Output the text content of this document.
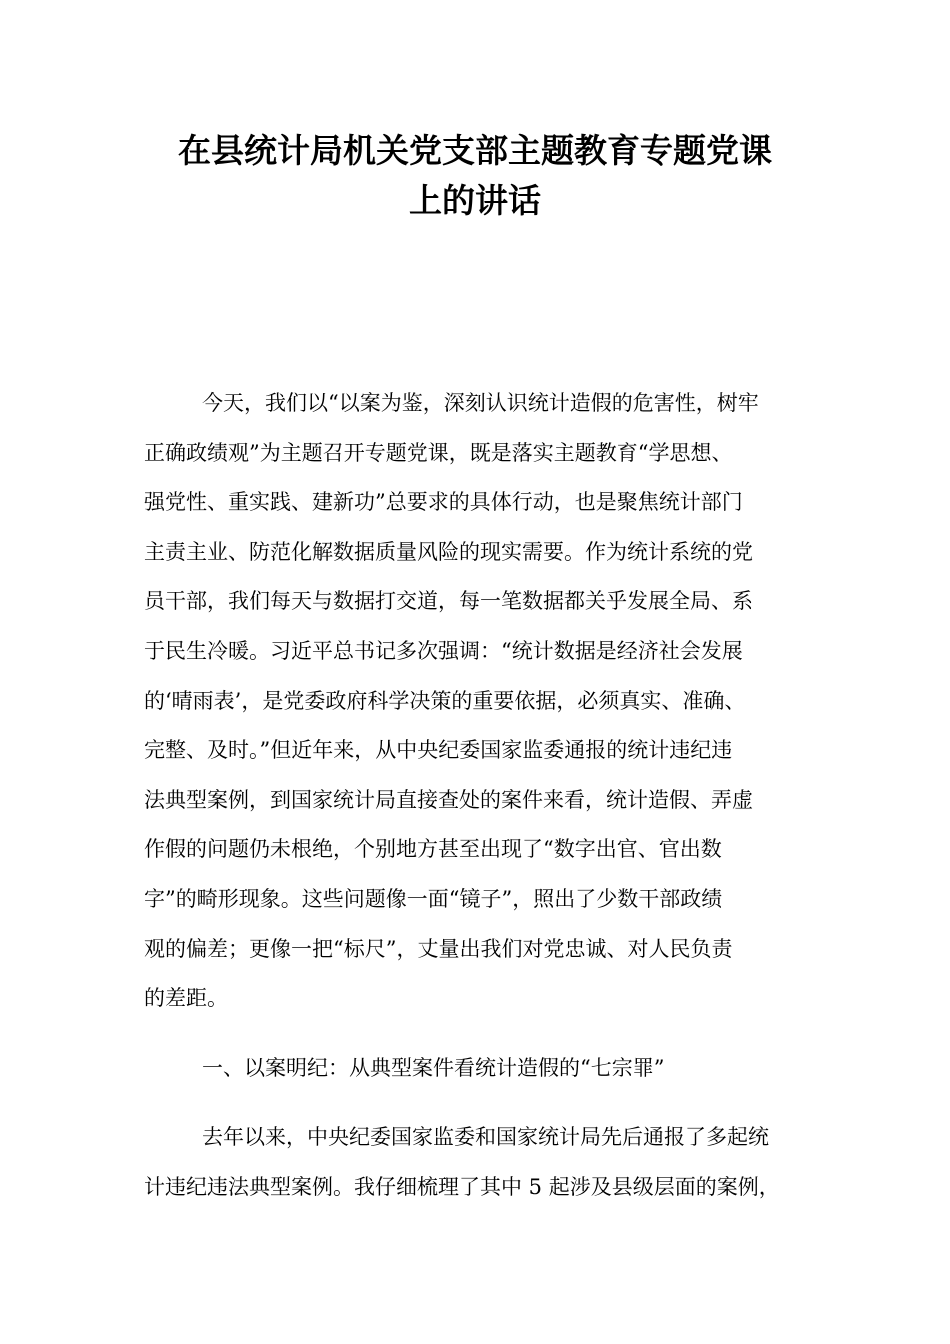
在县统计局机关党支部主题教育专题党课
上的讲话
今天，我们以“以案为鉴，深刻认识统计造假的危害性，树牢
正确政绩观”为主题召开专题党课，既是落实主题教育“学思想、
强党性、重实践、建新功”总要求的具体行动，也是聚焦统计部门
主责主业、防范化解数据质量风险的现实需要。作为统计系统的党
员干部，我们每天与数据打交道，每一笔数据都关乎发展全局、系
于民生冷暖。习近平总书记多次强调：“统计数据是经济社会发展
的‘晴雨表’，是党委政府科学决策的重要依据，必须真实、准确、
完整、及时。”但近年来，从中央纪委国家监委通报的统计违纪违
法典型案例，到国家统计局直接查处的案件来看，统计造假、弄虚
作假的问题仍未根绝，个别地方甚至出现了“数字出官、官出数
字”的畸形现象。这些问题像一面“镜子”，照出了少数干部政绩
观的偏差；更像一把“标尺”，丈量出我们对党忠诚、对人民负责
的差距。
一、以案明纪：从典型案件看统计造假的“七宗罪”
去年以来，中央纪委国家监委和国家统计局先后通报了多起统
计违纪违法典型案例。我仔细梳理了其中 5 起涉及县级层面的案例，
